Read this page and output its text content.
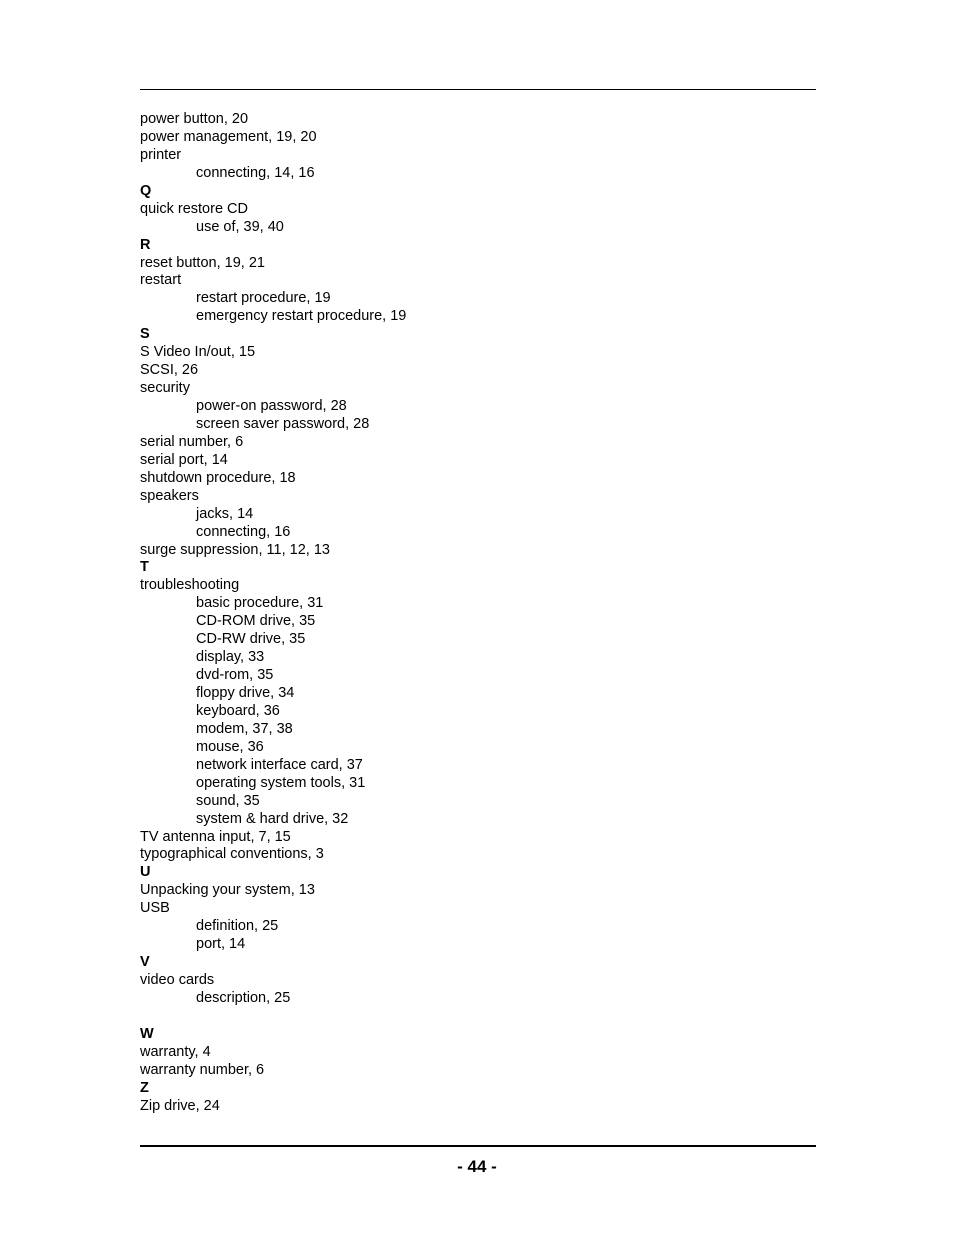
power button, 20
power management, 19, 20
printer
connecting, 14, 16
Q
quick restore CD
use of, 39, 40
R
reset button, 19, 21
restart
restart procedure, 19
emergency restart procedure, 19
S
S Video In/out, 15
SCSI, 26
security
power-on password, 28
screen saver password, 28
serial number, 6
serial port, 14
shutdown procedure, 18
speakers
jacks, 14
connecting, 16
surge suppression, 11, 12, 13
T
troubleshooting
basic procedure, 31
CD-ROM drive, 35
CD-RW drive, 35
display, 33
dvd-rom, 35
floppy drive, 34
keyboard, 36
modem, 37, 38
mouse, 36
network interface card, 37
operating system tools, 31
sound, 35
system & hard drive, 32
TV antenna input, 7, 15
typographical conventions, 3
U
Unpacking your system, 13
USB
definition, 25
port, 14
V
video cards
description, 25
W
warranty, 4
warranty number, 6
Z
Zip drive, 24
- 44 -
